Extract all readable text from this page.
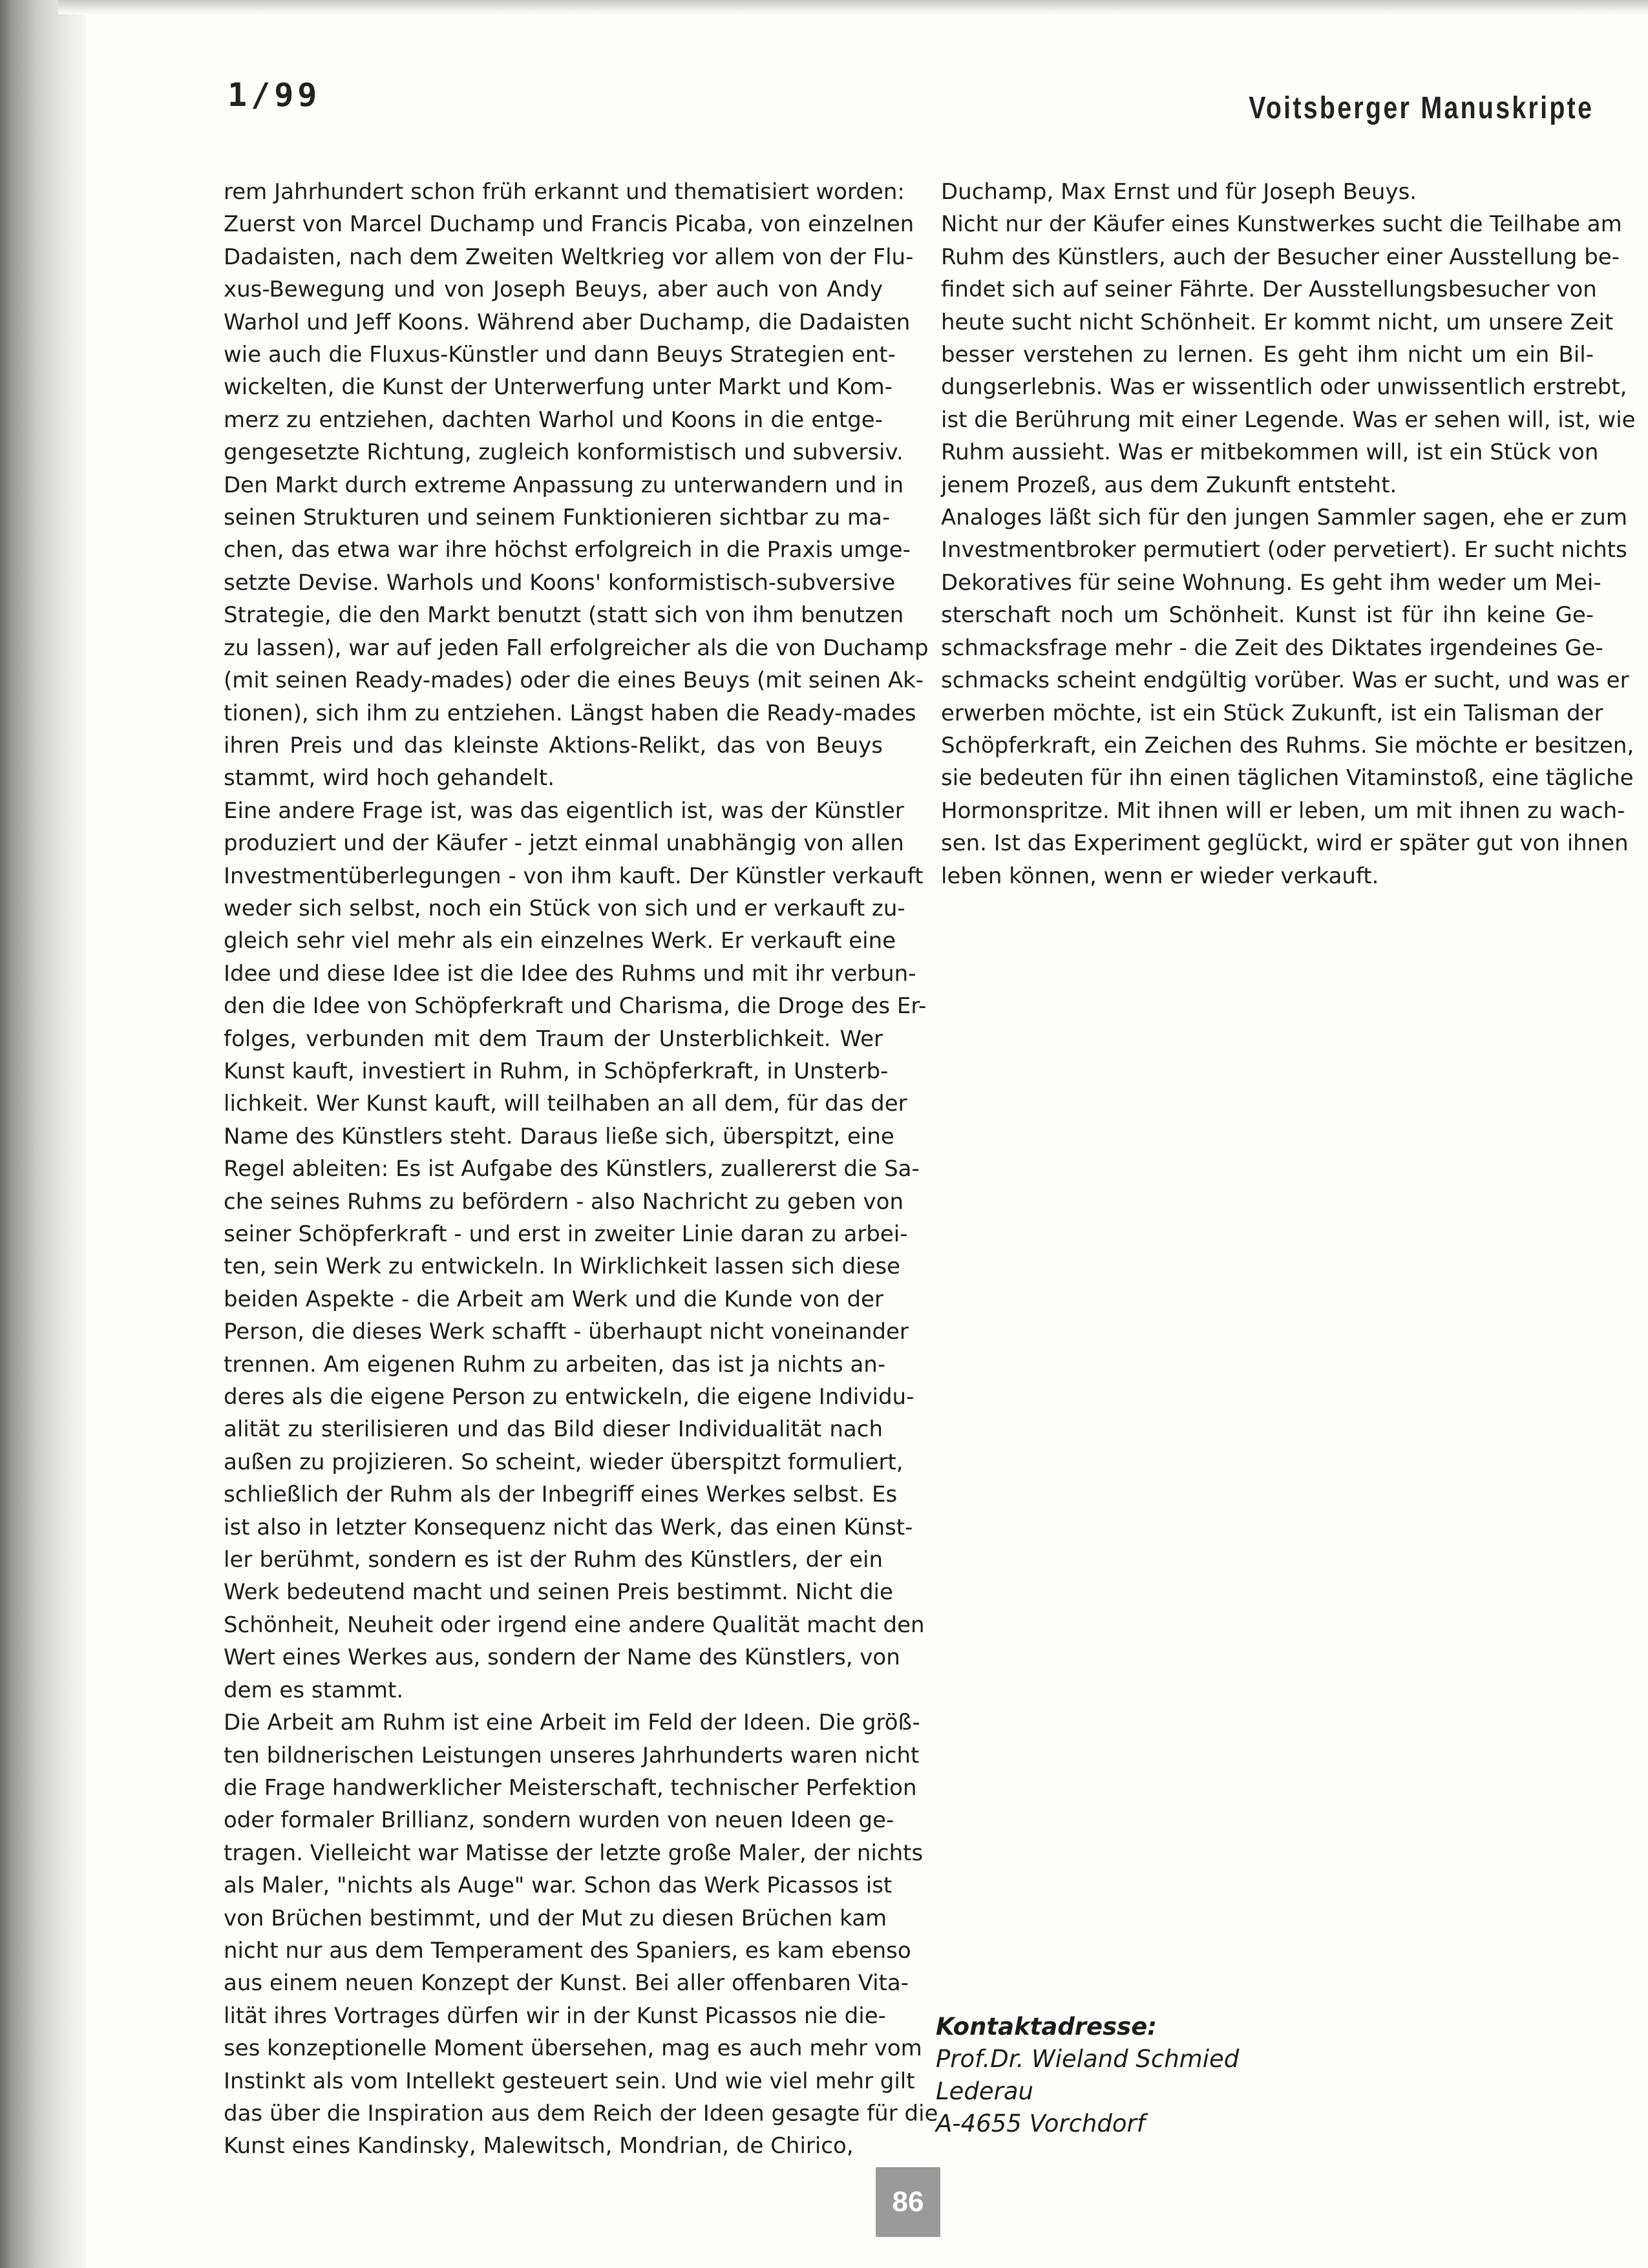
1/99	Voitsberger Manuskripte

rem Jahrhundert schon früh erkannt und thematisiert worden:
Zuerst von Marcel Duchamp und Francis Picaba, von einzelnen
Dadaisten, nach dem Zweiten Weltkrieg vor allem von der Flu-
xus-Bewegung und von Joseph Beuys, aber auch von Andy
Warhol und Jeff Koons. Während aber Duchamp, die Dadaisten
wie auch die Fluxus-Künstler und dann Beuys Strategien ent-
wickelten, die Kunst der Unterwerfung unter Markt und Kom-
merz zu entziehen, dachten Warhol und Koons in die entge-
gengesetzte Richtung, zugleich konformistisch und subversiv.
Den Markt durch extreme Anpassung zu unterwandern und in
seinen Strukturen und seinem Funktionieren sichtbar zu ma-
chen, das etwa war ihre höchst erfolgreich in die Praxis umge-
setzte Devise. Warhols und Koons' konformistisch-subversive
Strategie, die den Markt benutzt (statt sich von ihm benutzen
zu lassen), war auf jeden Fall erfolgreicher als die von Duchamp
(mit seinen Ready-mades) oder die eines Beuys (mit seinen Ak-
tionen), sich ihm zu entziehen. Längst haben die Ready-mades
ihren Preis und das kleinste Aktions-Relikt, das von Beuys
stammt, wird hoch gehandelt.

Eine andere Frage ist, was das eigentlich ist, was der Künstler
produziert und der Käufer - jetzt einmal unabhängig von allen
Investmentüberlegungen - von ihm kauft. Der Künstler verkauft
weder sich selbst, noch ein Stück von sich und er verkauft zu-
gleich sehr viel mehr als ein einzelnes Werk. Er verkauft eine
Idee und diese Idee ist die Idee des Ruhms und mit ihr verbun-
den die Idee von Schöpferkraft und Charisma, die Droge des Er-
folges, verbunden mit dem Traum der Unsterblichkeit. Wer
Kunst kauft, investiert in Ruhm, in Schöpferkraft, in Unsterb-
lichkeit. Wer Kunst kauft, will teilhaben an all dem, für das der
Name des Künstlers steht. Daraus ließe sich, überspitzt, eine
Regel ableiten: Es ist Aufgabe des Künstlers, zuallererst die Sa-
che seines Ruhms zu befördern - also Nachricht zu geben von
seiner Schöpferkraft - und erst in zweiter Linie daran zu arbei-
ten, sein Werk zu entwickeln. In Wirklichkeit lassen sich diese
beiden Aspekte - die Arbeit am Werk und die Kunde von der
Person, die dieses Werk schafft - überhaupt nicht voneinander
trennen. Am eigenen Ruhm zu arbeiten, das ist ja nichts an-
deres als die eigene Person zu entwickeln, die eigene Individu-
alität zu sterilisieren und das Bild dieser Individualität nach
außen zu projizieren. So scheint, wieder überspitzt formuliert,
schließlich der Ruhm als der Inbegriff eines Werkes selbst. Es
ist also in letzter Konsequenz nicht das Werk, das einen Künst-
ler berühmt, sondern es ist der Ruhm des Künstlers, der ein
Werk bedeutend macht und seinen Preis bestimmt. Nicht die
Schönheit, Neuheit oder irgend eine andere Qualität macht den
Wert eines Werkes aus, sondern der Name des Künstlers, von
dem es stammt.

Die Arbeit am Ruhm ist eine Arbeit im Feld der Ideen. Die größ-
ten bildnerischen Leistungen unseres Jahrhunderts waren nicht
die Frage handwerklicher Meisterschaft, technischer Perfektion
oder formaler Brillianz, sondern wurden von neuen Ideen ge-
tragen. Vielleicht war Matisse der letzte große Maler, der nichts
als Maler, "nichts als Auge" war. Schon das Werk Picassos ist
von Brüchen bestimmt, und der Mut zu diesen Brüchen kam
nicht nur aus dem Temperament des Spaniers, es kam ebenso
aus einem neuen Konzept der Kunst. Bei aller offenbaren Vita-
lität ihres Vortrages dürfen wir in der Kunst Picassos nie die-
ses konzeptionelle Moment übersehen, mag es auch mehr vom
Instinkt als vom Intellekt gesteuert sein. Und wie viel mehr gilt
das über die Inspiration aus dem Reich der Ideen gesagte für die
Kunst eines Kandinsky, Malewitsch, Mondrian, de Chirico,

Duchamp, Max Ernst und für Joseph Beuys.

Nicht nur der Käufer eines Kunstwerkes sucht die Teilhabe am
Ruhm des Künstlers, auch der Besucher einer Ausstellung be-
findet sich auf seiner Fährte. Der Ausstellungsbesucher von
heute sucht nicht Schönheit. Er kommt nicht, um unsere Zeit
besser verstehen zu lernen. Es geht ihm nicht um ein Bil-
dungserlebnis. Was er wissentlich oder unwissentlich erstrebt,
ist die Berührung mit einer Legende. Was er sehen will, ist, wie
Ruhm aussieht. Was er mitbekommen will, ist ein Stück von
jenem Prozeß, aus dem Zukunft entsteht.

Analoges läßt sich für den jungen Sammler sagen, ehe er zum
Investmentbroker permutiert (oder pervetiert). Er sucht nichts
Dekoratives für seine Wohnung. Es geht ihm weder um Mei-
sterschaft noch um Schönheit. Kunst ist für ihn keine Ge-
schmacksfrage mehr - die Zeit des Diktates irgendeines Ge-
schmacks scheint endgültig vorüber. Was er sucht, und was er
erwerben möchte, ist ein Stück Zukunft, ist ein Talisman der
Schöpferkraft, ein Zeichen des Ruhms. Sie möchte er besitzen,
sie bedeuten für ihn einen täglichen Vitaminstoß, eine tägliche
Hormonspritze. Mit ihnen will er leben, um mit ihnen zu wach-
sen. Ist das Experiment geglückt, wird er später gut von ihnen
leben können, wenn er wieder verkauft.

Kontaktadresse:
Prof.Dr. Wieland Schmied
Lederau
A-4655 Vorchdorf
86
